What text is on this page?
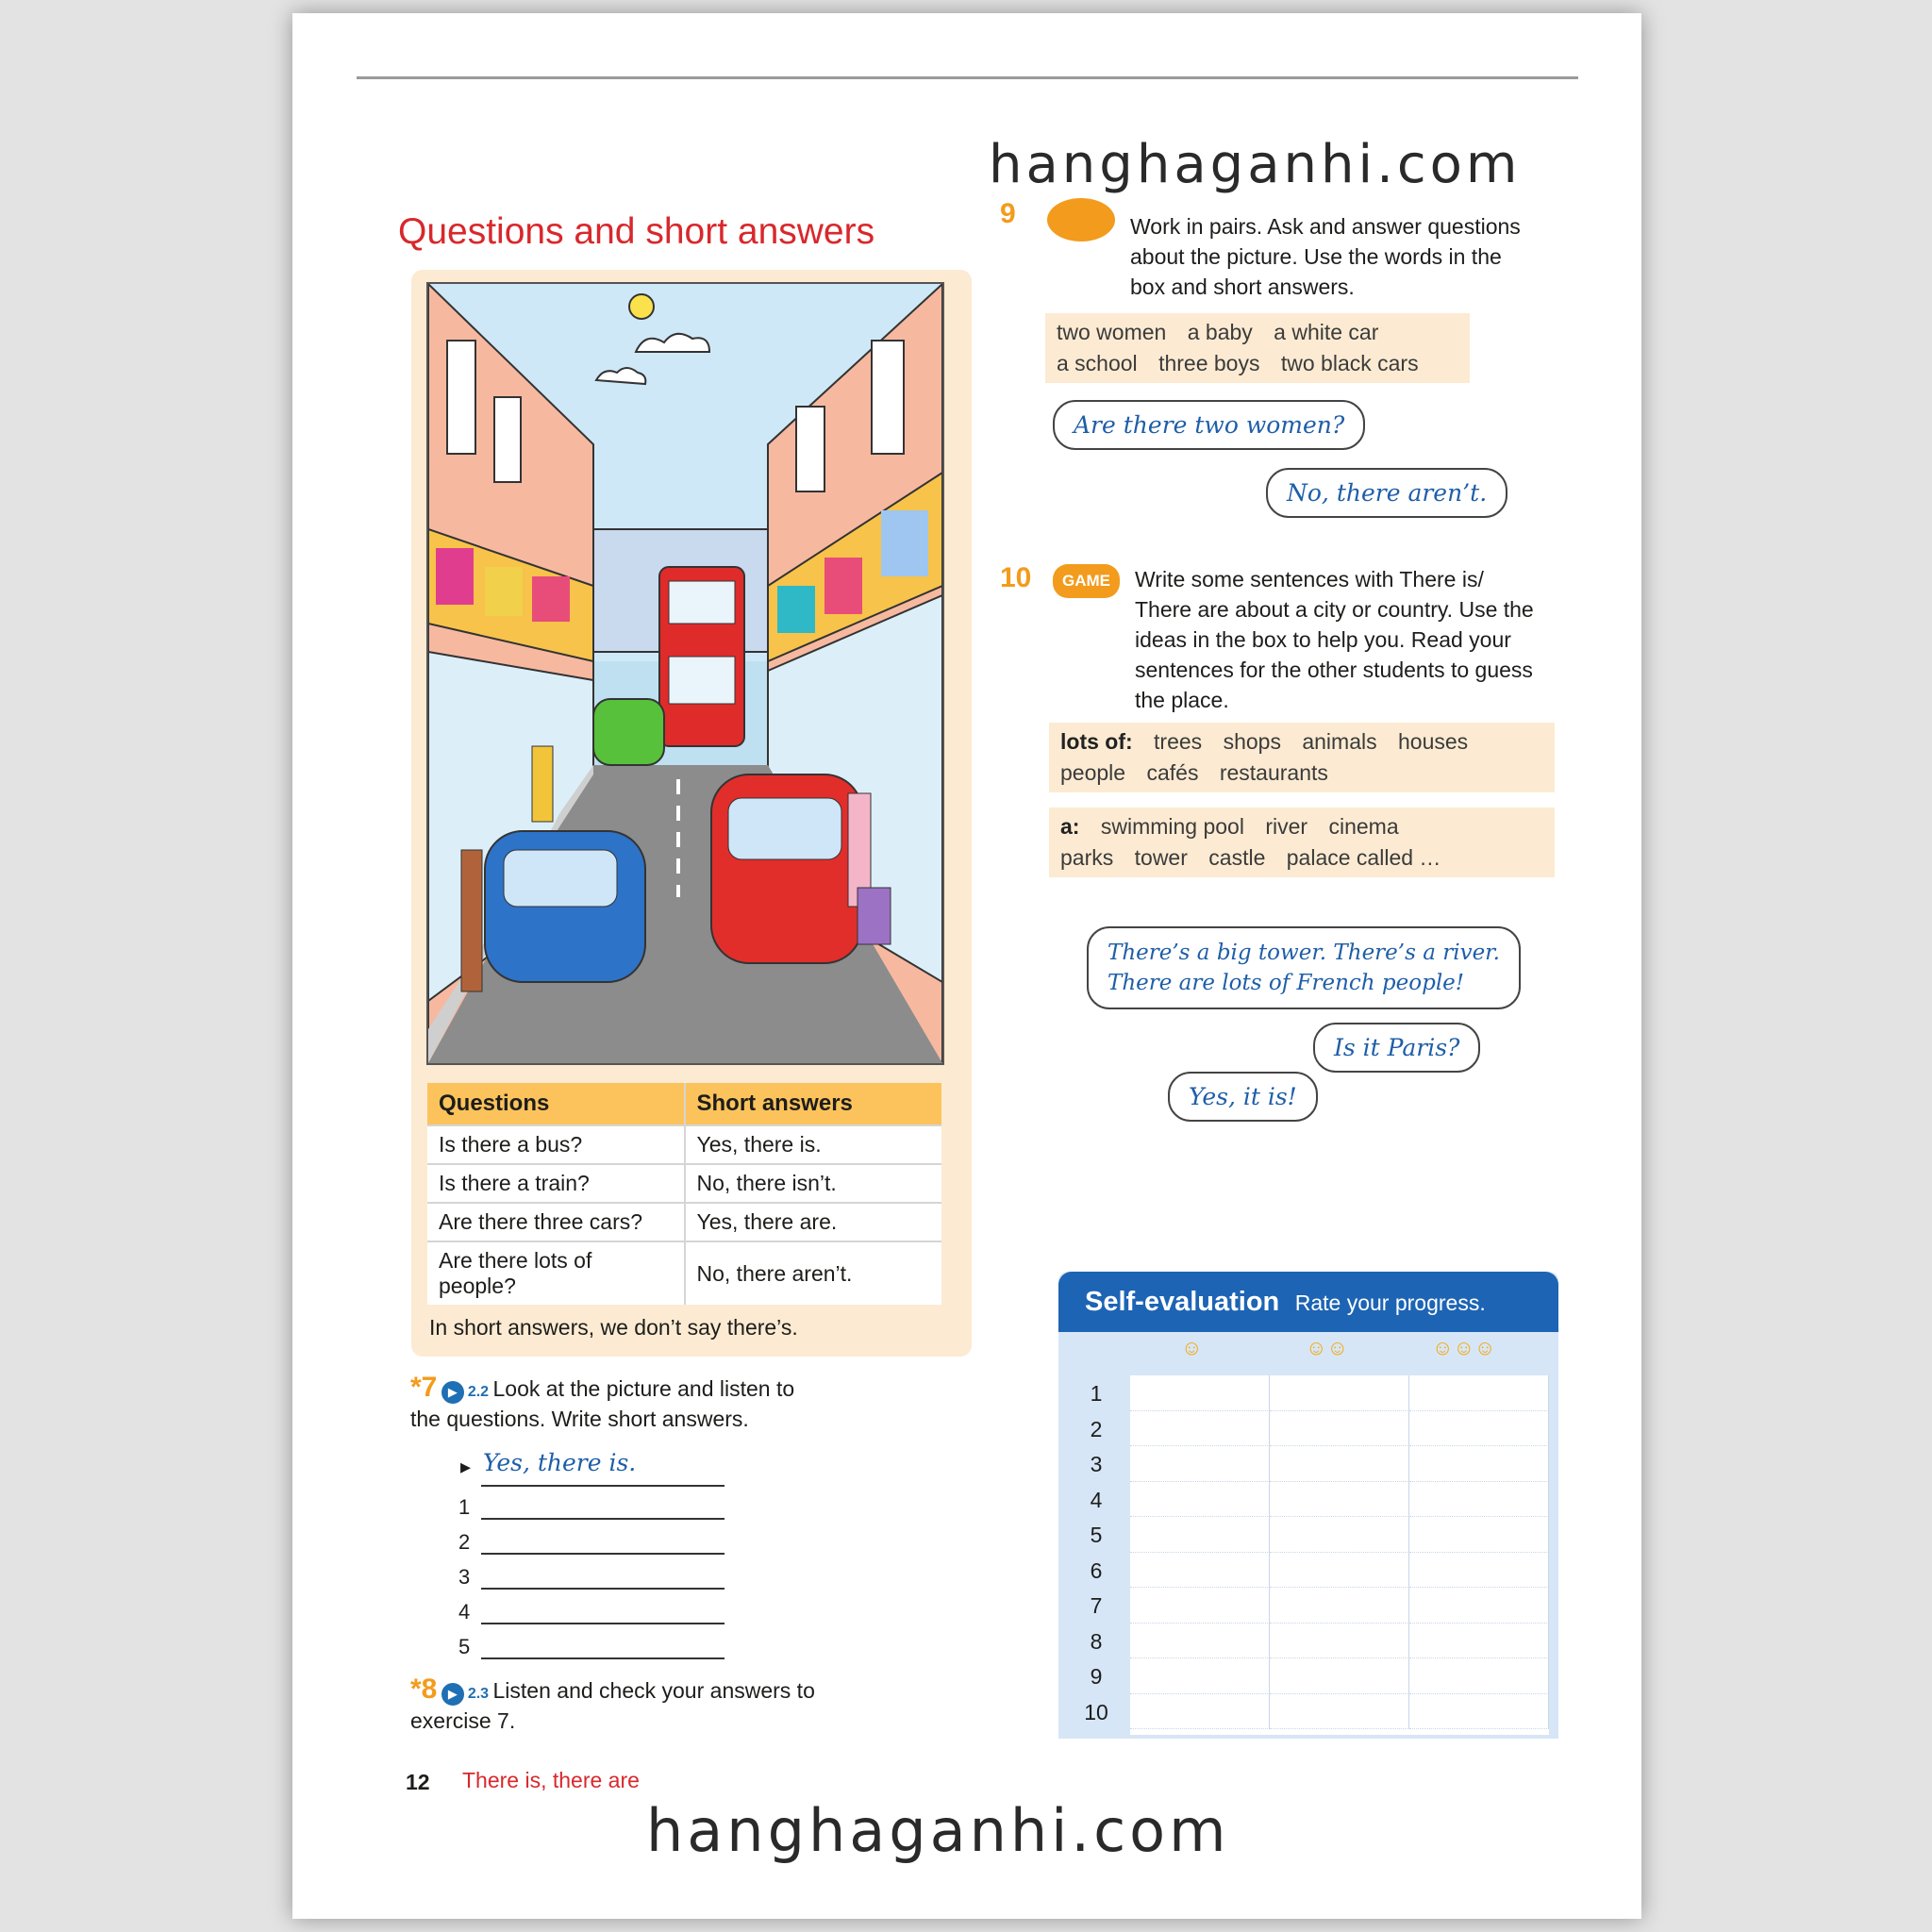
Questions and short answers
Questions	Short answers
Is there a bus?	Yes, there is.
Is there a train?	No, there isn’t.
Are there three cars?	Yes, there are.
Are there lots of people?	No, there aren’t.
In short answers, we don’t say there’s.
*7 ▶ 2.2 Look at the picture and listen to the questions. Write short answers.
▸ Yes, there is.
1
2
3
4
5
*8 ▶ 2.3 Listen and check your answers to exercise 7.
9	Work in pairs. Ask and answer questions about the picture. Use the words in the box and short answers.
two women a baby a white car
a school three boys two black cars
Are there two women?
No, there aren’t.
10	GAME	Write some sentences with There is/ There are about a city or country. Use the ideas in the box to help you. Read your sentences for the other students to guess the place.
lots of: trees shops animals houses
people cafés restaurants
a: swimming pool river cinema
parks tower castle palace called …
There’s a big tower. There’s a river.
There are lots of French people!
Is it Paris?
Yes, it is!
Self-evaluation Rate your progress.
☺	☺☺	☺☺☺
1
2
3
4
5
6
7
8
9
10
12 There is, there are
hanghaganhi.com
hanghaganhi.com
